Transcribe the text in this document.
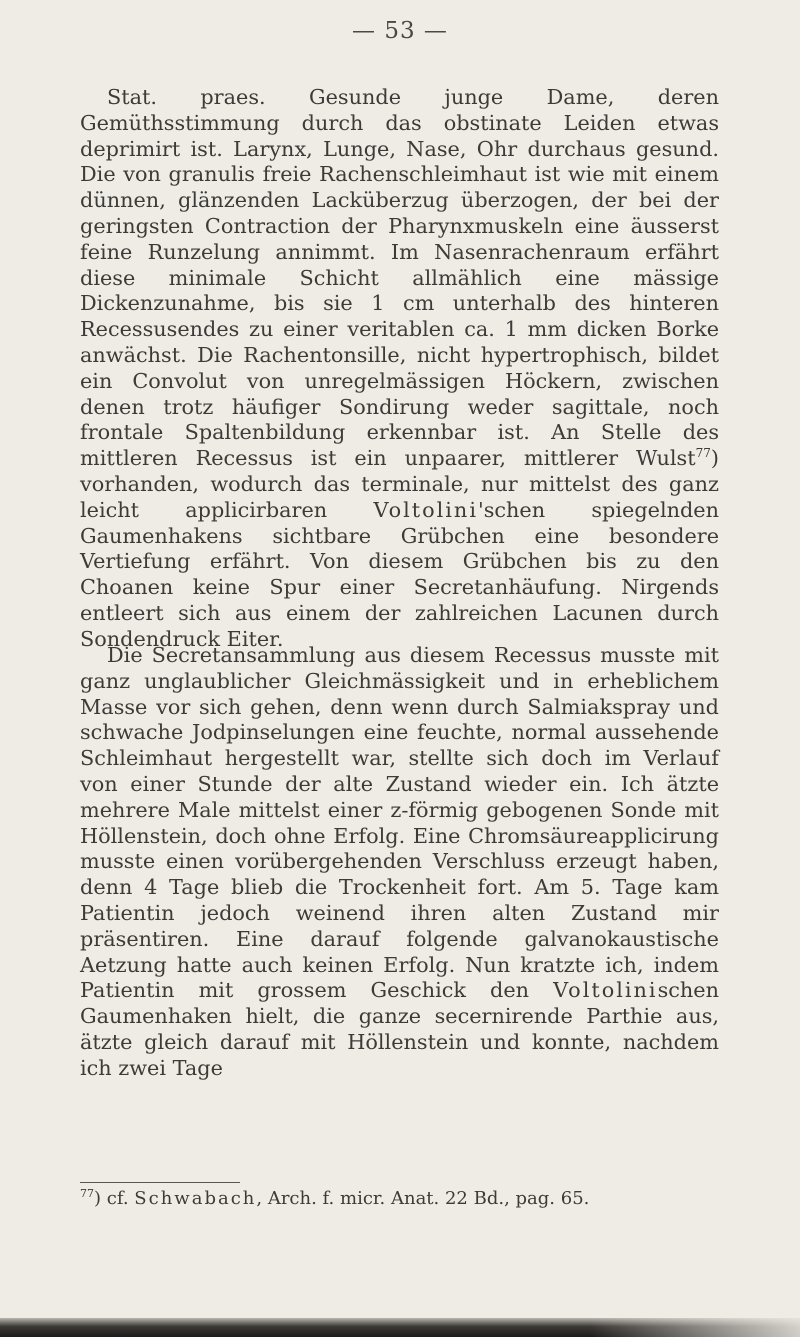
— 53 —

Stat. praes. Gesunde junge Dame, deren Gemüthsstimmung durch das obstinate Leiden etwas deprimirt ist. Larynx, Lunge, Nase, Ohr durchaus gesund. Die von granulis freie Rachenschleimhaut ist wie mit einem dünnen, glänzenden Lacküberzug überzogen, der bei der geringsten Contraction der Pharynxmuskeln eine äusserst feine Runzelung annimmt. Im Nasenrachenraum erfährt diese minimale Schicht allmählich eine mässige Dickenzunahme, bis sie 1 cm unterhalb des hinteren Recessusendes zu einer veritablen ca. 1 mm dicken Borke anwächst. Die Rachentonsille, nicht hypertrophisch, bildet ein Convolut von unregelmässigen Höckern, zwischen denen trotz häufiger Sondirung weder sagittale, noch frontale Spaltenbildung erkennbar ist. An Stelle des mittleren Recessus ist ein unpaarer, mittlerer Wulst$^{77}$) vorhanden, wodurch das terminale, nur mittelst des ganz leicht applicirbaren Voltolini'schen spiegelnden Gaumenhakens sichtbare Grübchen eine besondere Vertiefung erfährt. Von diesem Grübchen bis zu den Choanen keine Spur einer Secretanhäufung. Nirgends entleert sich aus einem der zahlreichen Lacunen durch Sondendruck Eiter.

Die Secretansammlung aus diesem Recessus musste mit ganz unglaublicher Gleichmässigkeit und in erheblichem Masse vor sich gehen, denn wenn durch Salmiakspray und schwache Jodpinselungen eine feuchte, normal aussehende Schleimhaut hergestellt war, stellte sich doch im Verlauf von einer Stunde der alte Zustand wieder ein. Ich ätzte mehrere Male mittelst einer z-förmig gebogenen Sonde mit Höllenstein, doch ohne Erfolg. Eine Chromsäureapplicirung musste einen vorübergehenden Verschluss erzeugt haben, denn 4 Tage blieb die Trockenheit fort. Am 5. Tage kam Patientin jedoch weinend ihren alten Zustand mir präsentiren. Eine darauf folgende galvanokaustische Aetzung hatte auch keinen Erfolg. Nun kratzte ich, indem Patientin mit grossem Geschick den Voltolinischen Gaumenhaken hielt, die ganze secernirende Parthie aus, ätzte gleich darauf mit Höllenstein und konnte, nachdem ich zwei Tage

$^{77}$) cf. Schwabach, Arch. f. micr. Anat. 22 Bd., pag. 65.
